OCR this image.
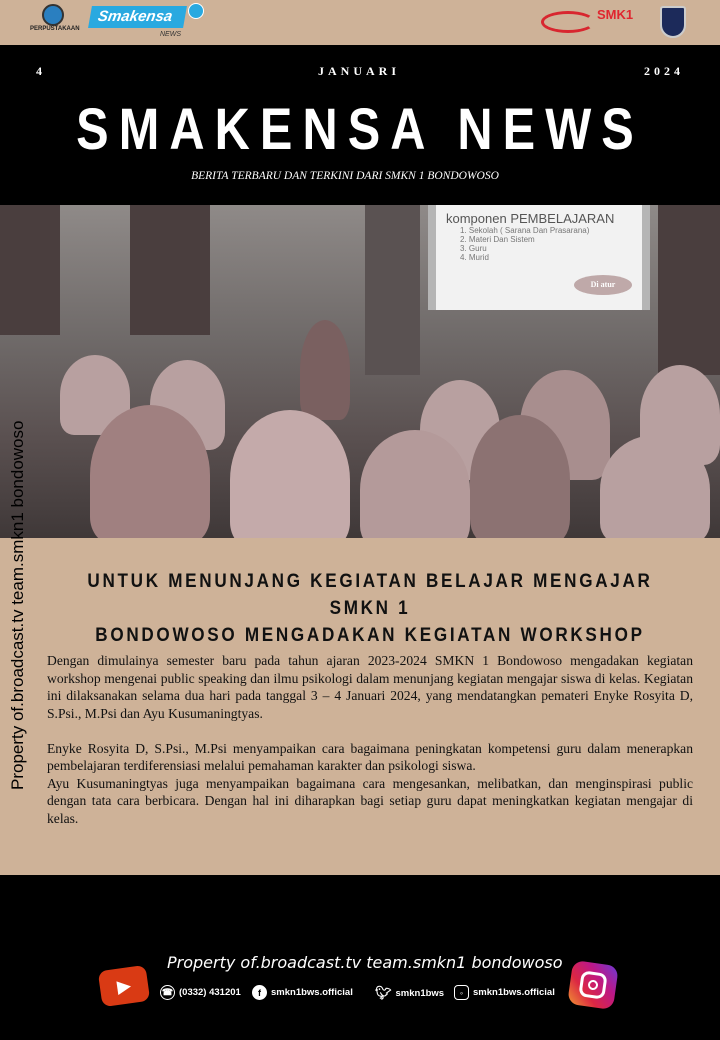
PERPUSTAKAAN
Smakensa
NEWS
SMK1
4	JANUARI	2024
SMAKENSA NEWS
BERITA TERBARU DAN TERKINI DARI SMKN 1 BONDOWOSO
komponen PEMBELAJARAN
1. Sekolah ( Sarana Dan Prasarana)
2. Materi Dan Sistem
3. Guru
4. Murid
Di atur
UNTUK MENUNJANG KEGIATAN BELAJAR MENGAJAR SMKN 1
BONDOWOSO MENGADAKAN KEGIATAN WORKSHOP

Dengan dimulainya semester baru pada tahun ajaran 2023-2024 SMKN 1 Bondowoso mengadakan kegiatan workshop mengenai public speaking dan ilmu psikologi dalam menunjang kegiatan mengajar siswa di kelas. Kegiatan ini dilaksanakan selama dua hari pada tanggal 3 – 4 Januari 2024, yang mendatangkan pemateri Enyke Rosyita D, S.Psi., M.Psi dan Ayu Kusumaningtyas.

Enyke Rosyita D, S.Psi., M.Psi menyampaikan cara bagaimana peningkatan kompetensi guru dalam menerapkan pembelajaran terdiferensiasi melalui pemahaman karakter dan psikologi siswa.

Ayu Kusumaningtyas juga menyampaikan bagaimana cara mengesankan, melibatkan, dan menginspirasi public dengan tata cara berbicara. Dengan hal ini diharapkan bagi setiap guru dapat meningkatkan kegiatan mengajar di kelas.

Property of.broadcast.tv team.smkn1 bondowoso
▶
Property of.broadcast.tv team.smkn1 bondowoso
☎ (0332) 431201	f	smkn1bws.official 🐦︎ smkn1bws	◦	smkn1bws.official
